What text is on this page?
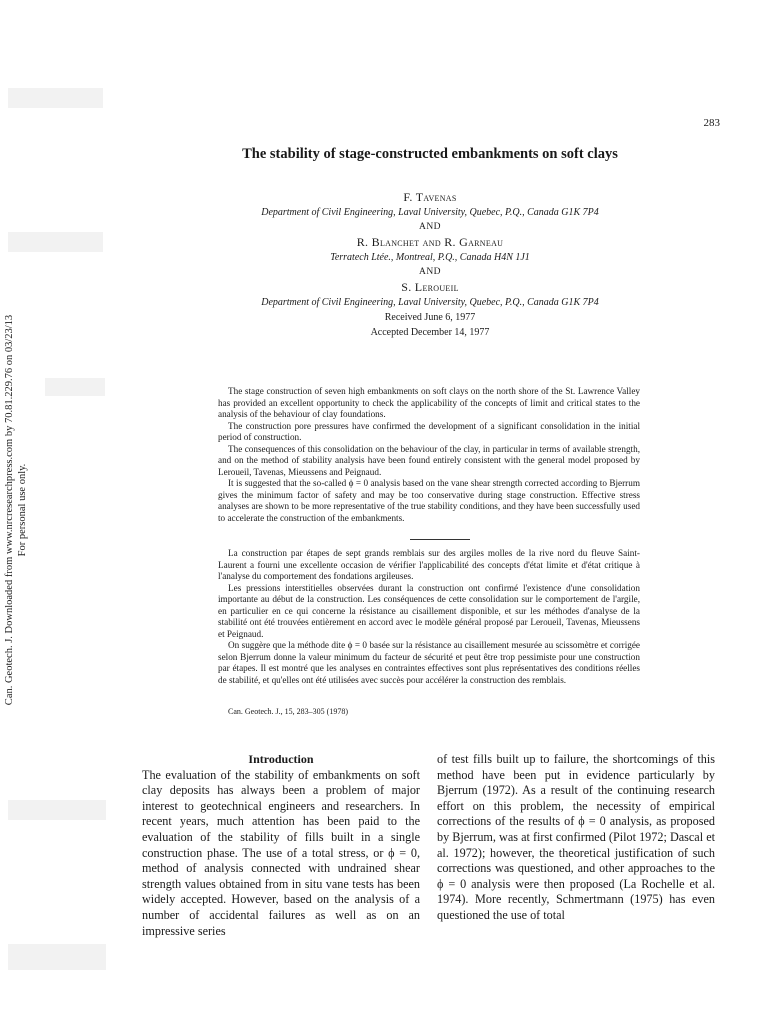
283
The stability of stage-constructed embankments on soft clays
F. Tavenas
Department of Civil Engineering, Laval University, Quebec, P.Q., Canada G1K 7P4
AND
R. Blanchet and R. Garneau
Terratech Ltée., Montreal, P.Q., Canada H4N 1J1
AND
S. Leroueil
Department of Civil Engineering, Laval University, Quebec, P.Q., Canada G1K 7P4
Received June 6, 1977
Accepted December 14, 1977

The stage construction of seven high embankments on soft clays on the north shore of the St. Lawrence Valley has provided an excellent opportunity to check the applicability of the concepts of limit and critical states to the analysis of the behaviour of clay foundations.

The construction pore pressures have confirmed the development of a significant consolidation in the initial period of construction.

The consequences of this consolidation on the behaviour of the clay, in particular in terms of available strength, and on the method of stability analysis have been found entirely consistent with the general model proposed by Leroueil, Tavenas, Mieussens and Peignaud.

It is suggested that the so-called ϕ = 0 analysis based on the vane shear strength corrected according to Bjerrum gives the minimum factor of safety and may be too conservative during stage construction. Effective stress analyses are shown to be more representative of the true stability conditions, and they have been successfully used to accelerate the construction of the embankments.

La construction par étapes de sept grands remblais sur des argiles molles de la rive nord du fleuve Saint-Laurent a fourni une excellente occasion de vérifier l'applicabilité des concepts d'état limite et d'état critique à l'analyse du comportement des fondations argileuses.

Les pressions interstitielles observées durant la construction ont confirmé l'existence d'une consolidation importante au début de la construction. Les conséquences de cette consolidation sur le comportement de l'argile, en particulier en ce qui concerne la résistance au cisaillement disponible, et sur les méthodes d'analyse de la stabilité ont été trouvées entièrement en accord avec le modèle général proposé par Leroueil, Tavenas, Mieussens et Peignaud.

On suggère que la méthode dite ϕ = 0 basée sur la résistance au cisaillement mesurée au scissomètre et corrigée selon Bjerrum donne la valeur minimum du facteur de sécurité et peut être trop pessimiste pour une construction par étapes. Il est montré que les analyses en contraintes effectives sont plus représentatives des conditions réelles de stabilité, et qu'elles ont été utilisées avec succès pour accélérer la construction des remblais.

Can. Geotech. J., 15, 283–305 (1978)

Introduction

The evaluation of the stability of embankments on soft clay deposits has always been a problem of major interest to geotechnical engineers and researchers. In recent years, much attention has been paid to the evaluation of the stability of fills built in a single construction phase. The use of a total stress, or ϕ = 0, method of analysis connected with undrained shear strength values obtained from in situ vane tests has been widely accepted. However, based on the analysis of a number of accidental failures as well as on an impressive series

of test fills built up to failure, the shortcomings of this method have been put in evidence particularly by Bjerrum (1972). As a result of the continuing research effort on this problem, the necessity of empirical corrections of the results of ϕ = 0 analysis, as proposed by Bjerrum, was at first confirmed (Pilot 1972; Dascal et al. 1972); however, the theoretical justification of such corrections was questioned, and other approaches to the ϕ = 0 analysis were then proposed (La Rochelle et al. 1974). More recently, Schmertmann (1975) has even questioned the use of total

Can. Geotech. J. Downloaded from www.nrcresearchpress.com by 70.81.229.76 on 03/23/13 For personal use only.
